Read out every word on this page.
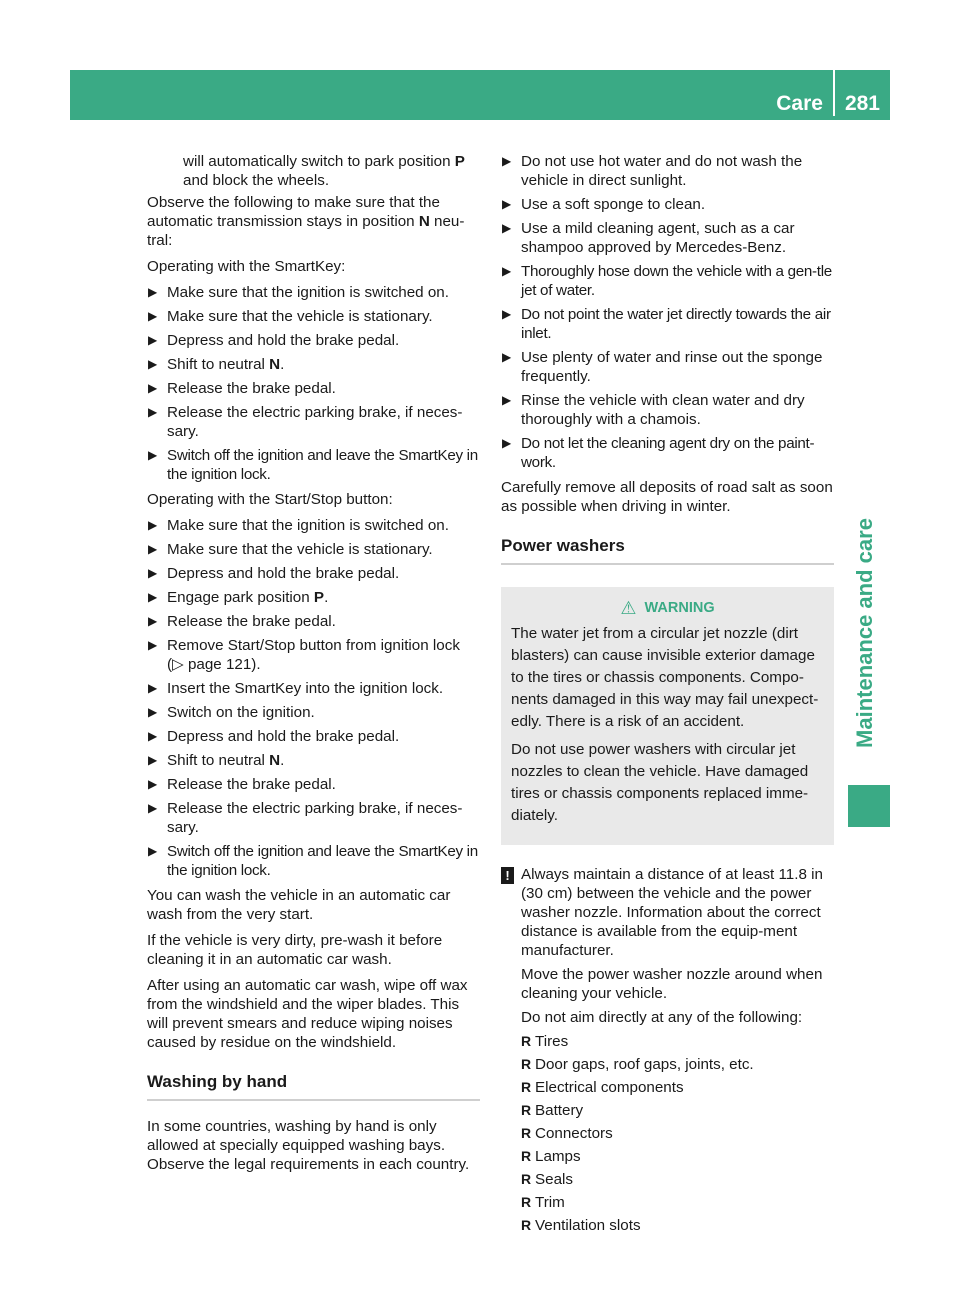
Care	281
Maintenance and care

will automatically switch to park position P
and block the wheels.

Observe the following to make sure that the automatic transmission stays in position N neu-tral:

Operating with the SmartKey:

▶ Make sure that the ignition is switched on.
▶ Make sure that the vehicle is stationary.
▶ Depress and hold the brake pedal.
▶ Shift to neutral N.
▶ Release the brake pedal.
▶ Release the electric parking brake, if neces-sary.
▶ Switch off the ignition and leave the SmartKey in the ignition lock.

Operating with the Start/Stop button:

▶ Make sure that the ignition is switched on.
▶ Make sure that the vehicle is stationary.
▶ Depress and hold the brake pedal.
▶ Engage park position P.
▶ Release the brake pedal.
▶ Remove Start/Stop button from ignition lock (▷ page 121).
▶ Insert the SmartKey into the ignition lock.
▶ Switch on the ignition.
▶ Depress and hold the brake pedal.
▶ Shift to neutral N.
▶ Release the brake pedal.
▶ Release the electric parking brake, if neces-sary.
▶ Switch off the ignition and leave the SmartKey in the ignition lock.

You can wash the vehicle in an automatic car wash from the very start.

If the vehicle is very dirty, pre-wash it before cleaning it in an automatic car wash.

After using an automatic car wash, wipe off wax from the windshield and the wiper blades. This will prevent smears and reduce wiping noises caused by residue on the windshield.

Washing by hand

In some countries, washing by hand is only allowed at specially equipped washing bays. Observe the legal requirements in each country.

▶ Do not use hot water and do not wash the vehicle in direct sunlight.
▶ Use a soft sponge to clean.
▶ Use a mild cleaning agent, such as a car shampoo approved by Mercedes-Benz.
▶ Thoroughly hose down the vehicle with a gen-tle jet of water.
▶ Do not point the water jet directly towards the air inlet.
▶ Use plenty of water and rinse out the sponge frequently.
▶ Rinse the vehicle with clean water and dry thoroughly with a chamois.
▶ Do not let the cleaning agent dry on the paint-work.

Carefully remove all deposits of road salt as soon as possible when driving in winter.

Power washers
⚠ WARNING

The water jet from a circular jet nozzle (dirt blasters) can cause invisible exterior damage to the tires or chassis components. Compo-nents damaged in this way may fail unexpect-edly. There is a risk of an accident.

Do not use power washers with circular jet nozzles to clean the vehicle. Have damaged tires or chassis components replaced imme-diately.

! Always maintain a distance of at least 11.8 in (30 cm) between the vehicle and the power washer nozzle. Information about the correct distance is available from the equip-ment manufacturer.

Move the power washer nozzle around when cleaning your vehicle.

Do not aim directly at any of the following:

R Tires
R Door gaps, roof gaps, joints, etc.
R Electrical components
R Battery
R Connectors
R Lamps
R Seals
R Trim
R Ventilation slots
